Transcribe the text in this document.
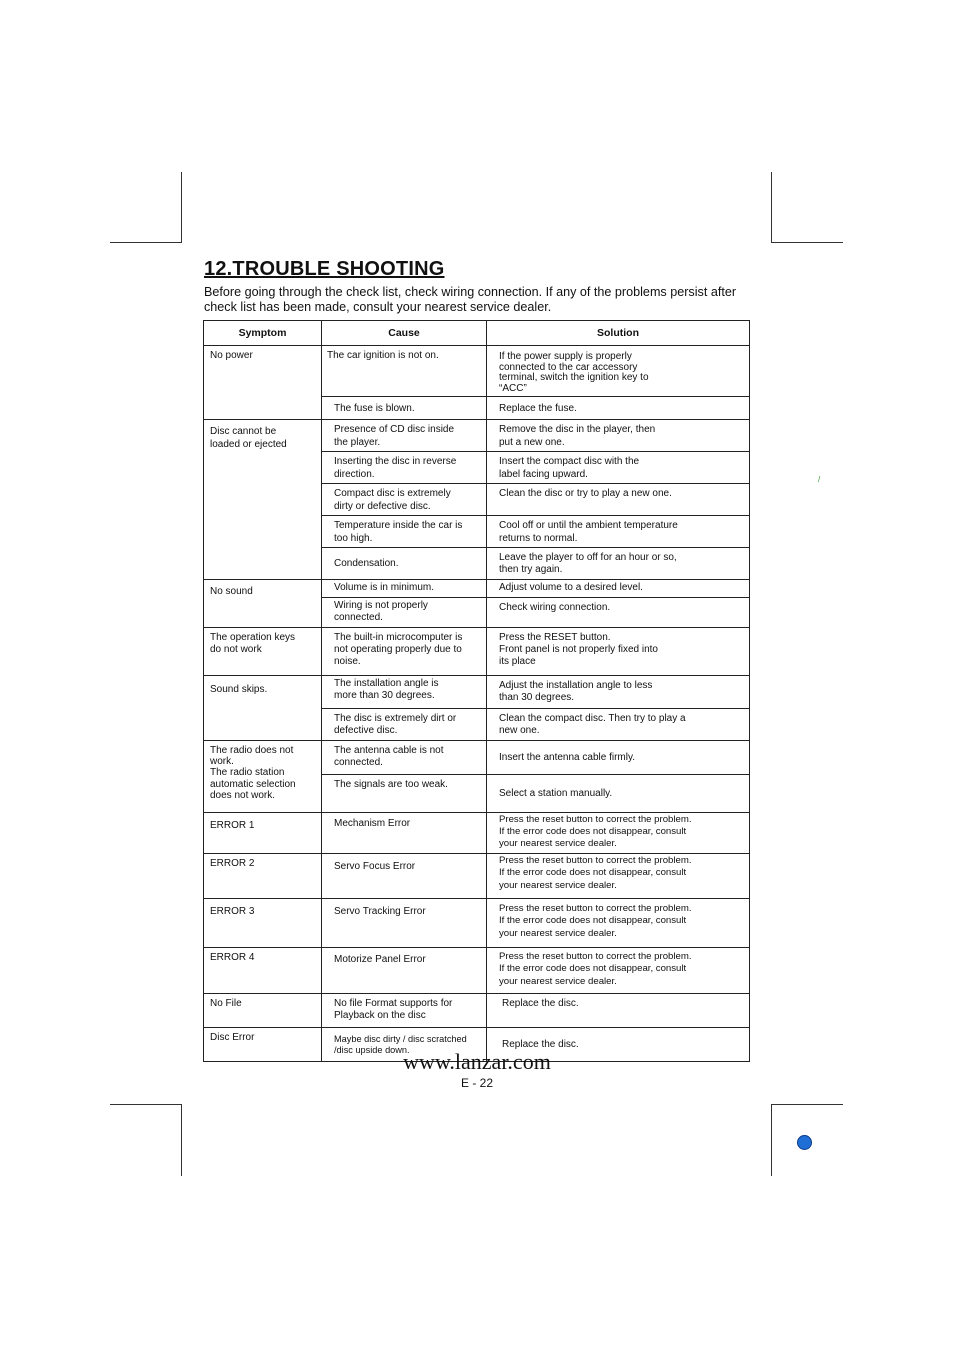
12.TROUBLE SHOOTING

Before going through the check list, check wiring connection. If any of the problems persist after check list has been made, consult your nearest service dealer.

/
Symptom	Cause	Solution
No power	The car ignition is not on.	If the power supply is properly
connected to the car accessory
terminal, switch the ignition key to
“ACC”
	The fuse is blown.	Replace the fuse.
Disc cannot be
loaded or ejected	Presence of CD disc inside
the player.	Remove the disc in the player, then
put a new one.
	Inserting the disc in reverse
direction.	Insert the compact disc with the
label facing upward.
	Compact disc is extremely
dirty or defective disc.	Clean the disc or try to play a new one.
	Temperature inside the car is
too high.	Cool off or until the ambient temperature
returns to normal.
	Condensation.	Leave the player to off for an hour or so,
then try again.
No sound	Volume is in minimum.	Adjust volume to a desired level.
	Wiring is not properly
connected.	Check wiring connection.
The operation keys
do not work	The built-in microcomputer is
not operating properly due to
noise.	Press the RESET button.
Front panel is not properly fixed into
its place
Sound skips.	The installation angle is
more than 30 degrees.	Adjust the installation angle to less
than 30 degrees.
	The disc is extremely dirt or
defective disc.	Clean the compact disc. Then try to play a
new one.
The radio does not
work.
The radio station
automatic selection
does not work.	The antenna cable is not
connected.	Insert the antenna cable firmly.
	The signals are too weak.	Select a station manually.
ERROR 1	Mechanism Error	Press the reset button to correct the problem.
If the error code does not disappear, consult
your nearest service dealer.
ERROR 2	Servo Focus Error	Press the reset button to correct the problem.
If the error code does not disappear, consult
your nearest service dealer.
ERROR 3	Servo Tracking Error	Press the reset button to correct the problem.
If the error code does not disappear, consult
your nearest service dealer.
ERROR 4	Motorize Panel Error	Press the reset button to correct the problem.
If the error code does not disappear, consult
your nearest service dealer.
No File	No file Format supports for
Playback on the disc	Replace the disc.
Disc Error	Maybe disc dirty / disc scratched
/disc upside down.	Replace the disc.
www.lanzar.com
E - 22
